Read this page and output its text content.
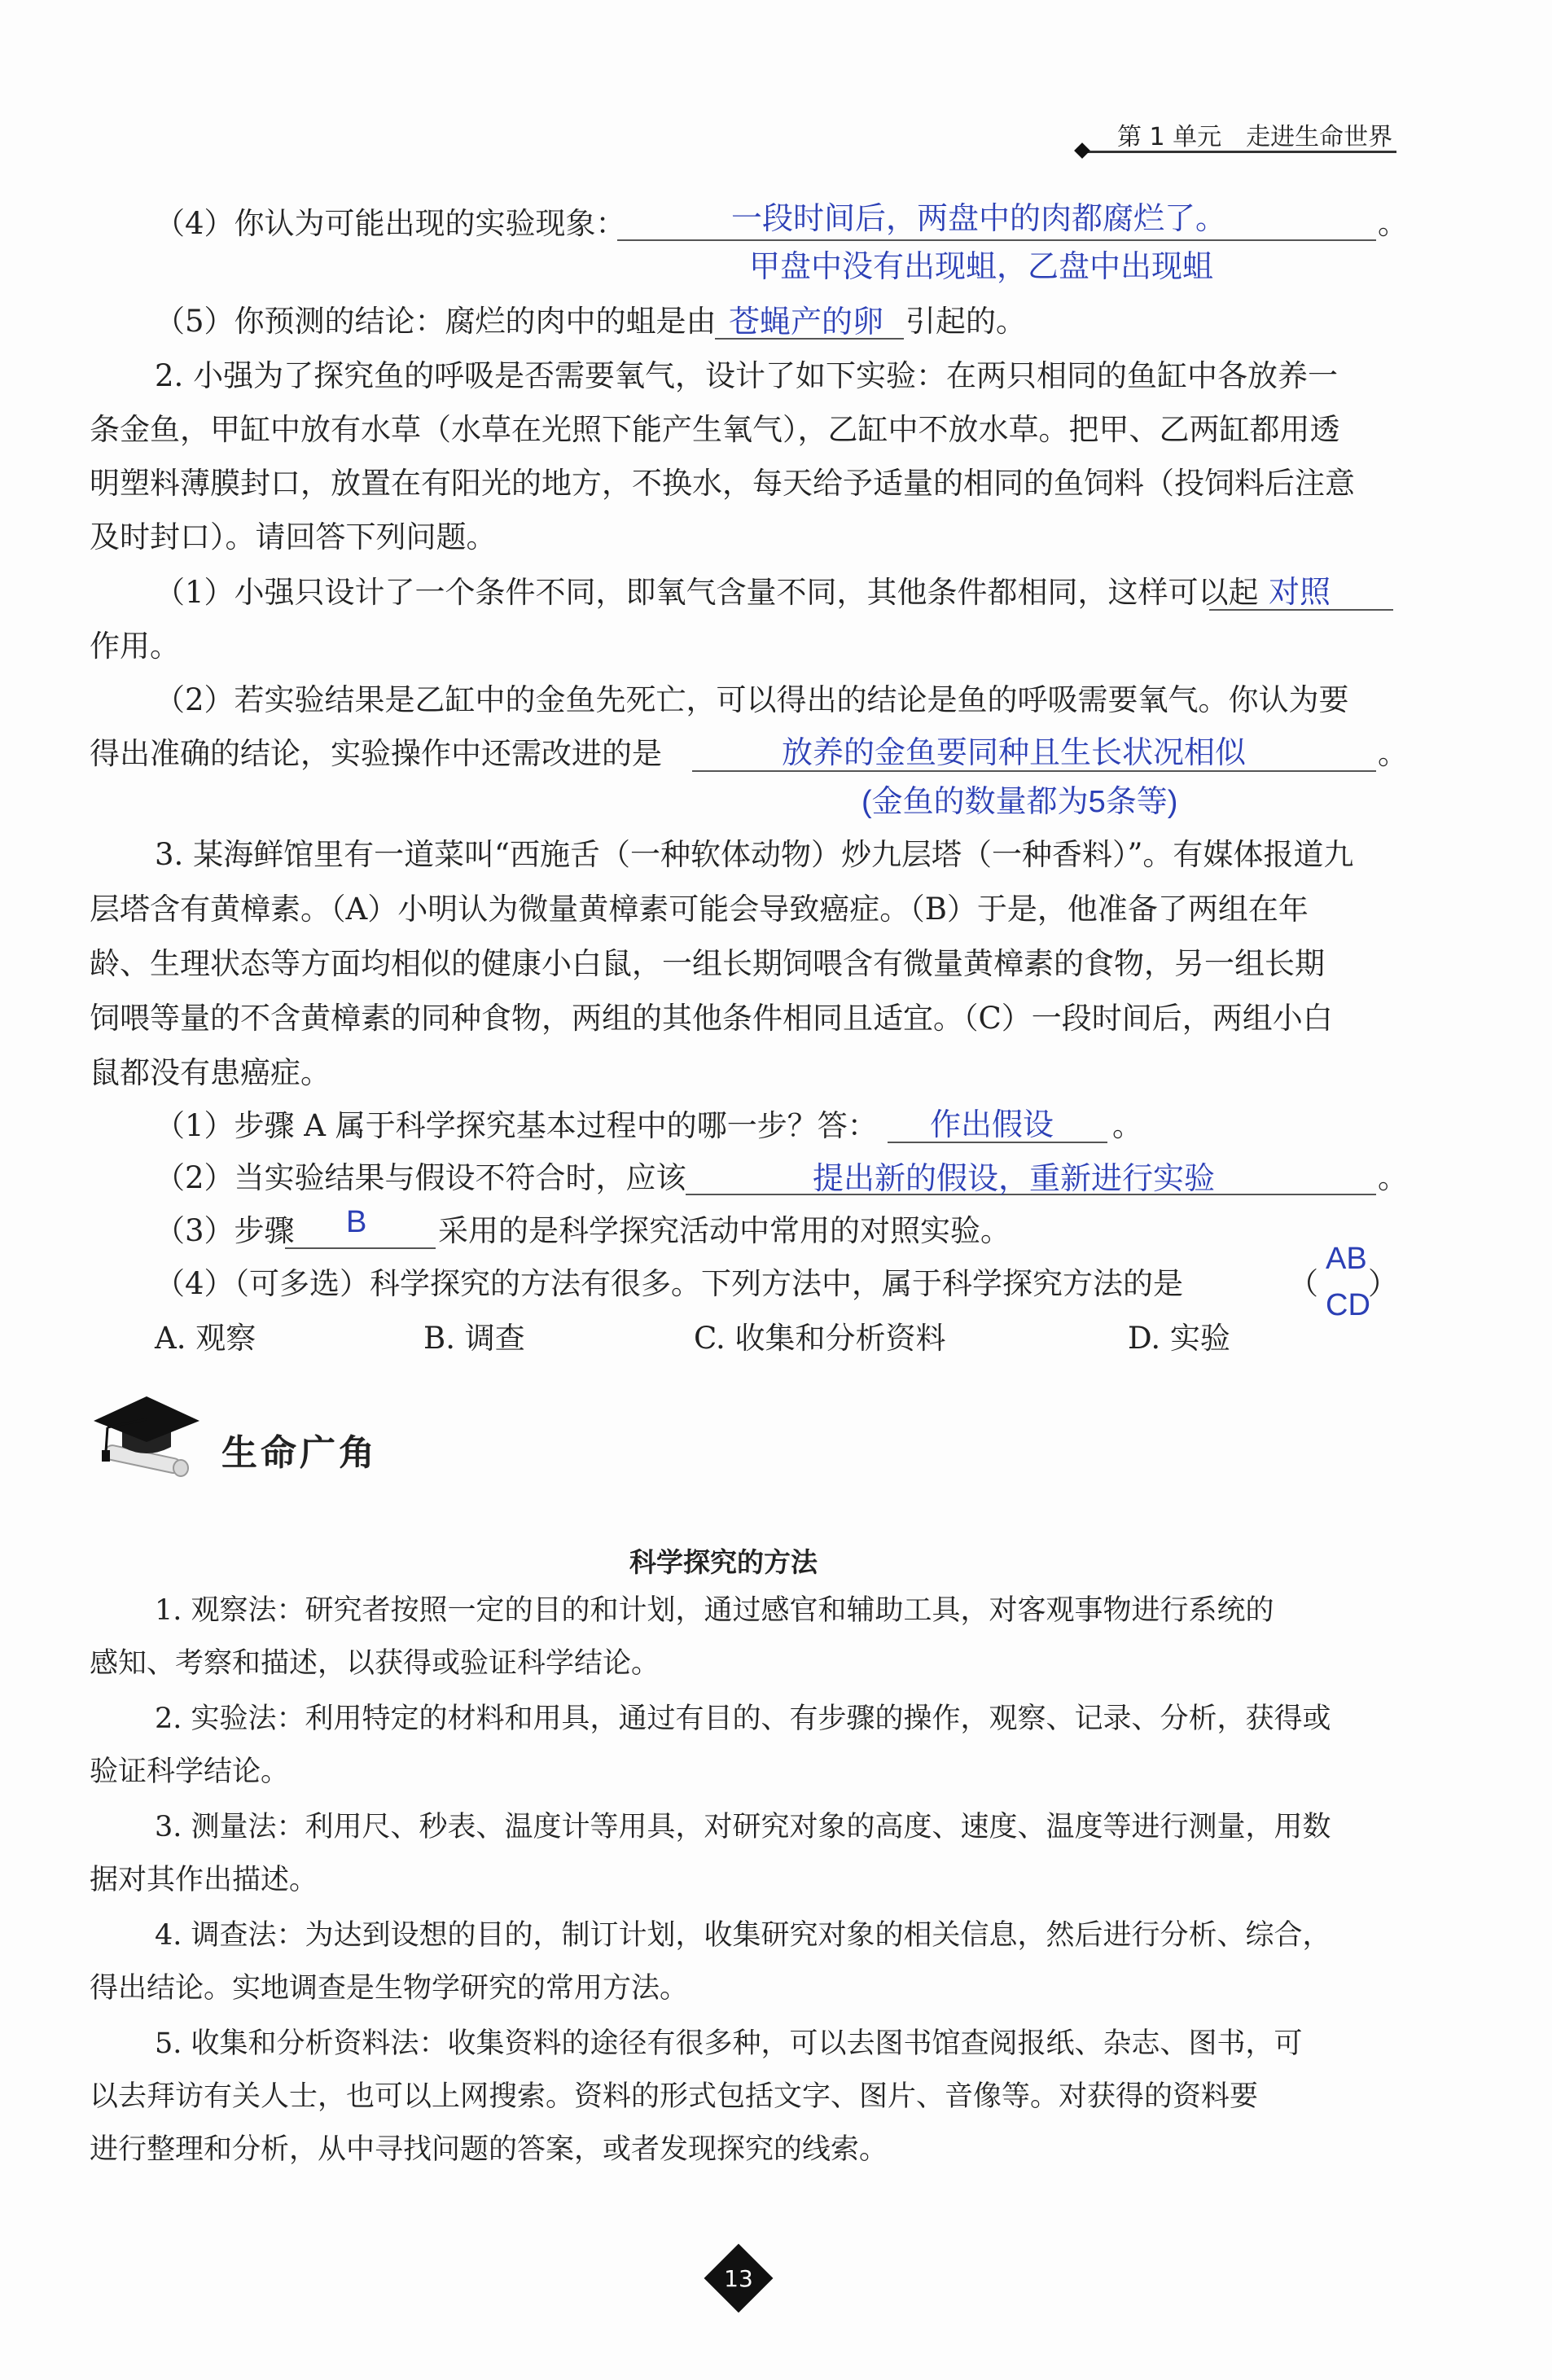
第 1 单元　走进生命世界
（4）你认为可能出现的实验现象：	。
一段时间后，两盘中的肉都腐烂了。
甲盘中没有出现蛆，乙盘中出现蛆
（5）你预测的结论：腐烂的肉中的蛆是由 苍蝇产的卵 引起的。
2. 小强为了探究鱼的呼吸是否需要氧气，设计了如下实验：在两只相同的鱼缸中各放养一
条金鱼，甲缸中放有水草（水草在光照下能产生氧气），乙缸中不放水草。把甲、乙两缸都用透
明塑料薄膜封口，放置在有阳光的地方，不换水，每天给予适量的相同的鱼饲料（投饲料后注意
及时封口）。请回答下列问题。
（1）小强只设计了一个条件不同，即氧气含量不同，其他条件都相同，这样可以起 对照
作用。
（2）若实验结果是乙缸中的金鱼先死亡，可以得出的结论是鱼的呼吸需要氧气。你认为要
得出准确的结论，实验操作中还需改进的是	。
放养的金鱼要同种且生长状况相似
(金鱼的数量都为5条等)
3. 某海鲜馆里有一道菜叫“西施舌（一种软体动物）炒九层塔（一种香料）”。有媒体报道九
层塔含有黄樟素。（A）小明认为微量黄樟素可能会导致癌症。（B）于是，他准备了两组在年
龄、生理状态等方面均相似的健康小白鼠，一组长期饲喂含有微量黄樟素的食物，另一组长期
饲喂等量的不含黄樟素的同种食物，两组的其他条件相同且适宜。（C）一段时间后，两组小白
鼠都没有患癌症。
（1）步骤 A 属于科学探究基本过程中的哪一步？答： 作出假设 。
（2）当实验结果与假设不符合时，应该	提出新的假设，重新进行实验	。
（3）步骤 B 采用的是科学探究活动中常用的对照实验。
（4）（可多选）科学探究的方法有很多。下列方法中，属于科学探究方法的是	（
AB
CD
）
A. 观察	B. 调查	C. 收集和分析资料	D. 实验
生命广角
科学探究的方法
1. 观察法：研究者按照一定的目的和计划，通过感官和辅助工具，对客观事物进行系统的
感知、考察和描述，以获得或验证科学结论。
2. 实验法：利用特定的材料和用具，通过有目的、有步骤的操作，观察、记录、分析，获得或
验证科学结论。
3. 测量法：利用尺、秒表、温度计等用具，对研究对象的高度、速度、温度等进行测量，用数
据对其作出描述。
4. 调查法：为达到设想的目的，制订计划，收集研究对象的相关信息，然后进行分析、综合，
得出结论。实地调查是生物学研究的常用方法。
5. 收集和分析资料法：收集资料的途径有很多种，可以去图书馆查阅报纸、杂志、图书，可
以去拜访有关人士，也可以上网搜索。资料的形式包括文字、图片、音像等。对获得的资料要
进行整理和分析，从中寻找问题的答案，或者发现探究的线索。
13
